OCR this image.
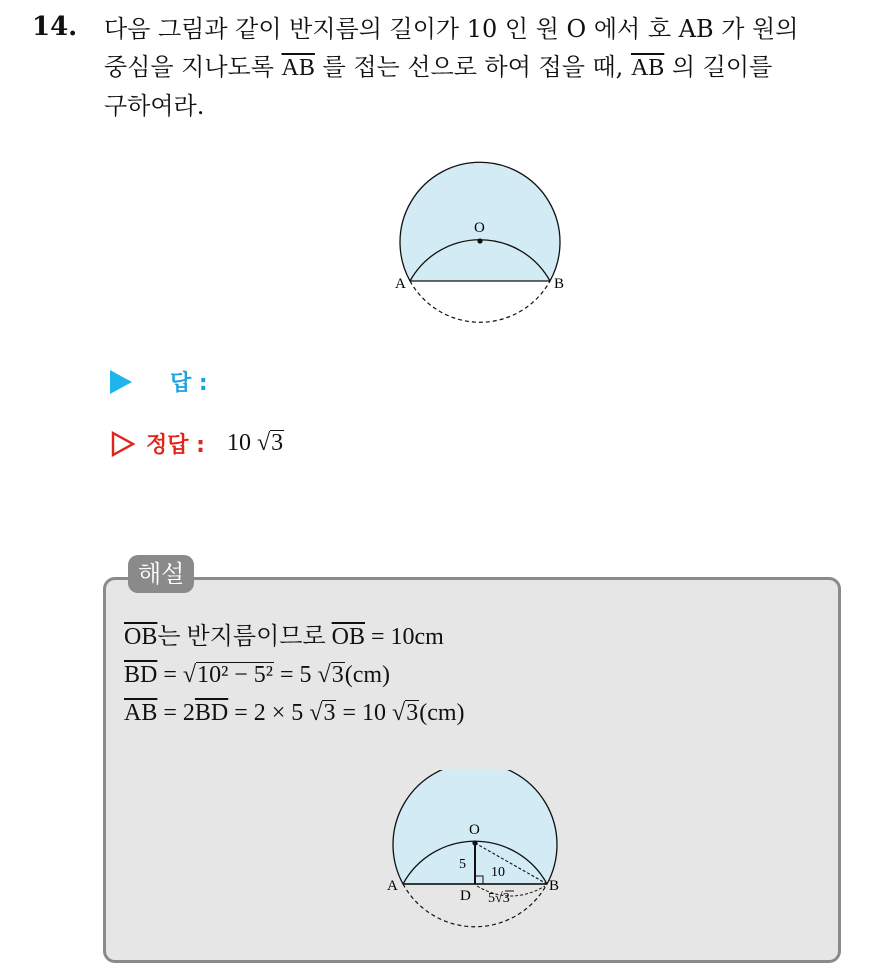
14. 다음 그림과 같이 반지름의 길이가 10 인 원 O 에서 호 AB 가 원의
중심을 지나도록 $\overline{AB}$ 를 접는 선으로 하여 접을 때, $\overline{AB}$ 의 길이를
구하여라.
O
A	B
답 :
정답 : 10 √3
해설
$\overline{OB}$는 반지름이므로 $\overline{OB} = 10cm$
$\overline{BD} = √10^2 - 5^2 = 5$ √3(cm)
$\overline{AB} = 2\overline{BD} = 2 \times 5$ √3 = 10 √3(cm)
O
A	B
D
5
10
5√3
